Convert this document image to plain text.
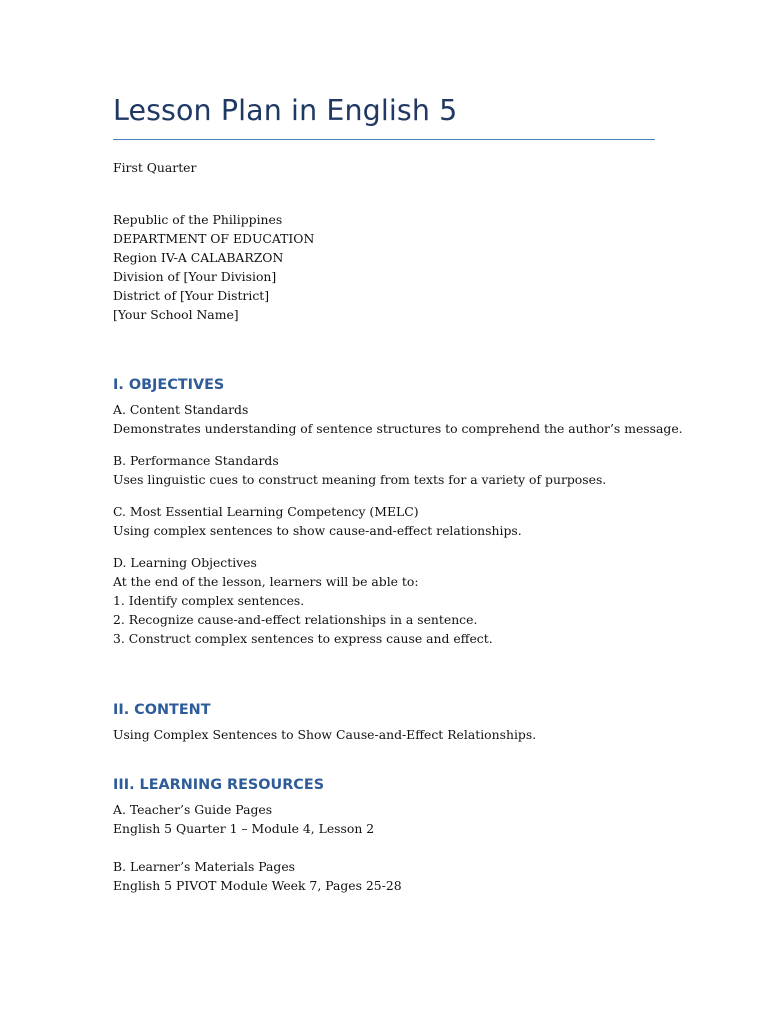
Lesson Plan in English 5
First Quarter
Republic of the Philippines
DEPARTMENT OF EDUCATION
Region IV-A CALABARZON
Division of [Your Division]
District of [Your District]
[Your School Name]
I. OBJECTIVES
A. Content Standards
Demonstrates understanding of sentence structures to comprehend the author’s message.
B. Performance Standards
Uses linguistic cues to construct meaning from texts for a variety of purposes.
C. Most Essential Learning Competency (MELC)
Using complex sentences to show cause-and-effect relationships.
D. Learning Objectives
At the end of the lesson, learners will be able to:
1. Identify complex sentences.
2. Recognize cause-and-effect relationships in a sentence.
3. Construct complex sentences to express cause and effect.
II. CONTENT
Using Complex Sentences to Show Cause-and-Effect Relationships.
III. LEARNING RESOURCES
A. Teacher’s Guide Pages
English 5 Quarter 1 – Module 4, Lesson 2
B. Learner’s Materials Pages
English 5 PIVOT Module Week 7, Pages 25-28
